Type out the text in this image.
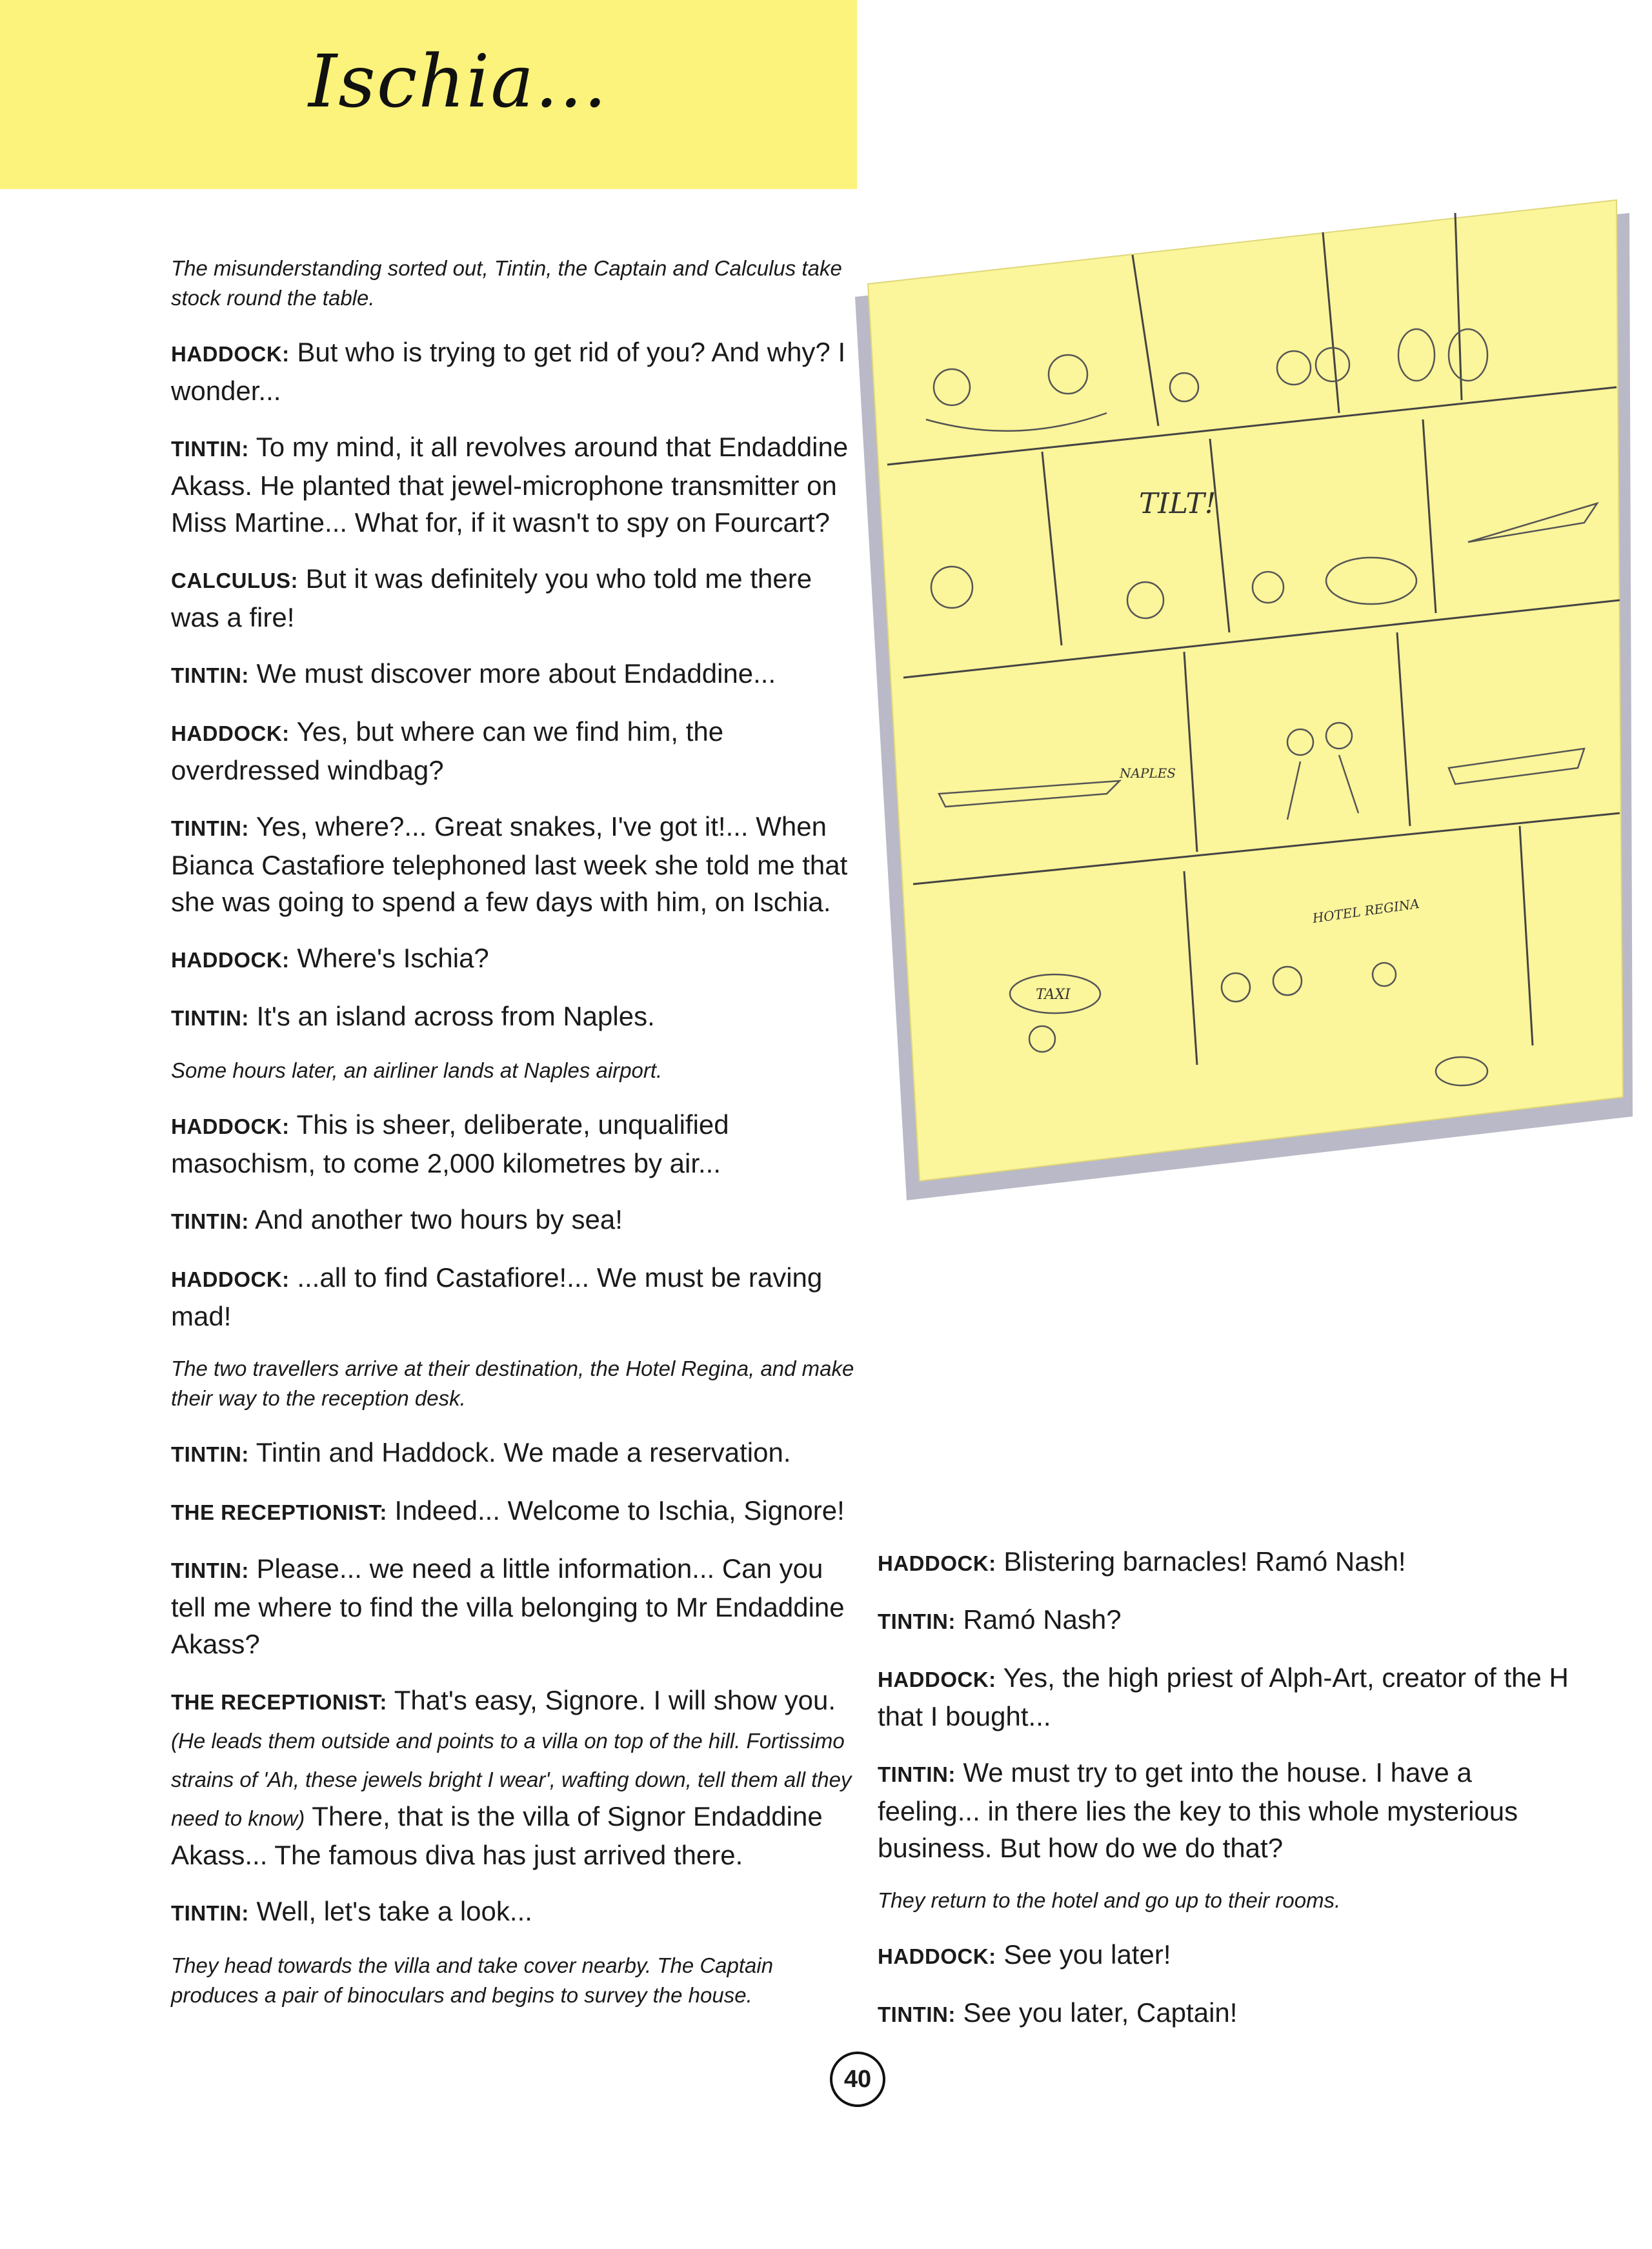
Ischia...
TILT!
NAPLES
HOTEL REGINA
TAXI

The misunderstanding sorted out, Tintin, the Captain and Calculus take stock round the table.

HADDOCK: But who is trying to get rid of you? And why? I wonder...

TINTIN: To my mind, it all revolves around that Endaddine Akass. He planted that jewel-microphone transmitter on Miss Martine... What for, if it wasn't to spy on Fourcart?

CALCULUS: But it was definitely you who told me there was a fire!

TINTIN: We must discover more about Endaddine...

HADDOCK: Yes, but where can we find him, the overdressed windbag?

TINTIN: Yes, where?... Great snakes, I've got it!... When Bianca Castafiore telephoned last week she told me that she was going to spend a few days with him, on Ischia.

HADDOCK: Where's Ischia?

TINTIN: It's an island across from Naples.

Some hours later, an airliner lands at Naples airport.

HADDOCK: This is sheer, deliberate, unqualified masochism, to come 2,000 kilometres by air...

TINTIN: And another two hours by sea!

HADDOCK: ...all to find Castafiore!... We must be raving mad!

The two travellers arrive at their destination, the Hotel Regina, and make their way to the reception desk.

TINTIN: Tintin and Haddock. We made a reservation.

THE RECEPTIONIST: Indeed... Welcome to Ischia, Signore!

TINTIN: Please... we need a little information... Can you tell me where to find the villa belonging to Mr Endaddine Akass?

THE RECEPTIONIST: That's easy, Signore. I will show you. (He leads them outside and points to a villa on top of the hill. Fortissimo strains of 'Ah, these jewels bright I wear', wafting down, tell them all they need to know) There, that is the villa of Signor Endaddine Akass... The famous diva has just arrived there.

TINTIN: Well, let's take a look...

They head towards the villa and take cover nearby. The Captain produces a pair of binoculars and begins to survey the house.

HADDOCK: Blistering barnacles! Ramó Nash!

TINTIN: Ramó Nash?

HADDOCK: Yes, the high priest of Alph-Art, creator of the H that I bought...

TINTIN: We must try to get into the house. I have a feeling... in there lies the key to this whole mysterious business. But how do we do that?

They return to the hotel and go up to their rooms.

HADDOCK: See you later!

TINTIN: See you later, Captain!

40
